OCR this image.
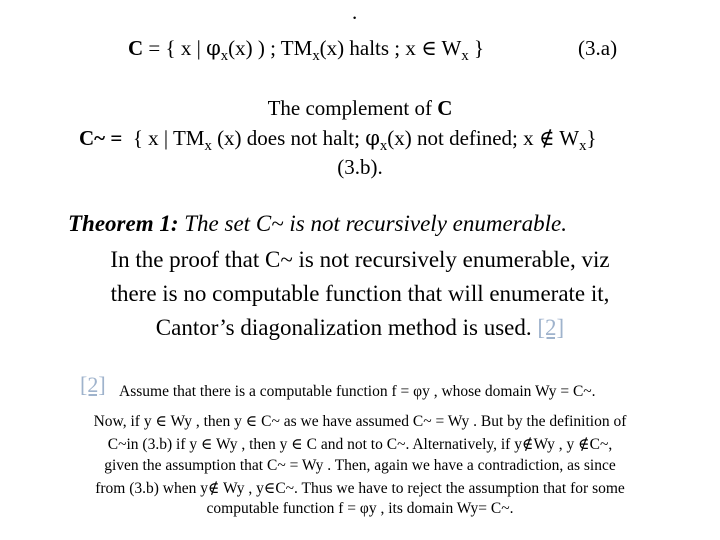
.
C = { x | $\varphi_x(x)$ ) ; $TM_x(x)$ halts ; x ∈ $W_x$ }	(3.a)
The complement of C
C~ = { x | $TM_x$ (x) does not halt; $\varphi_x(x)$ not defined; x ∉ $W_x$}
(3.b).
Theorem 1: The set C~ is not recursively enumerable.
In the proof that C~ is not recursively enumerable, viz
there is no computable function that will enumerate it,
Cantor’s diagonalization method is used. [2]
[2] Assume that there is a computable function f = φy , whose domain Wy = C~.
Now, if y ∈ Wy , then y ∈ C~ as we have assumed C~ = Wy . But by the definition of
C~in (3.b) if y ∈ Wy , then y ∈ C and not to C~. Alternatively, if y∉Wy , y ∉C~,
given the assumption that C~ = Wy . Then, again we have a contradiction, as since
from (3.b) when y∉ Wy , y∈C~. Thus we have to reject the assumption that for some
computable function f = φy , its domain Wy= C~.
